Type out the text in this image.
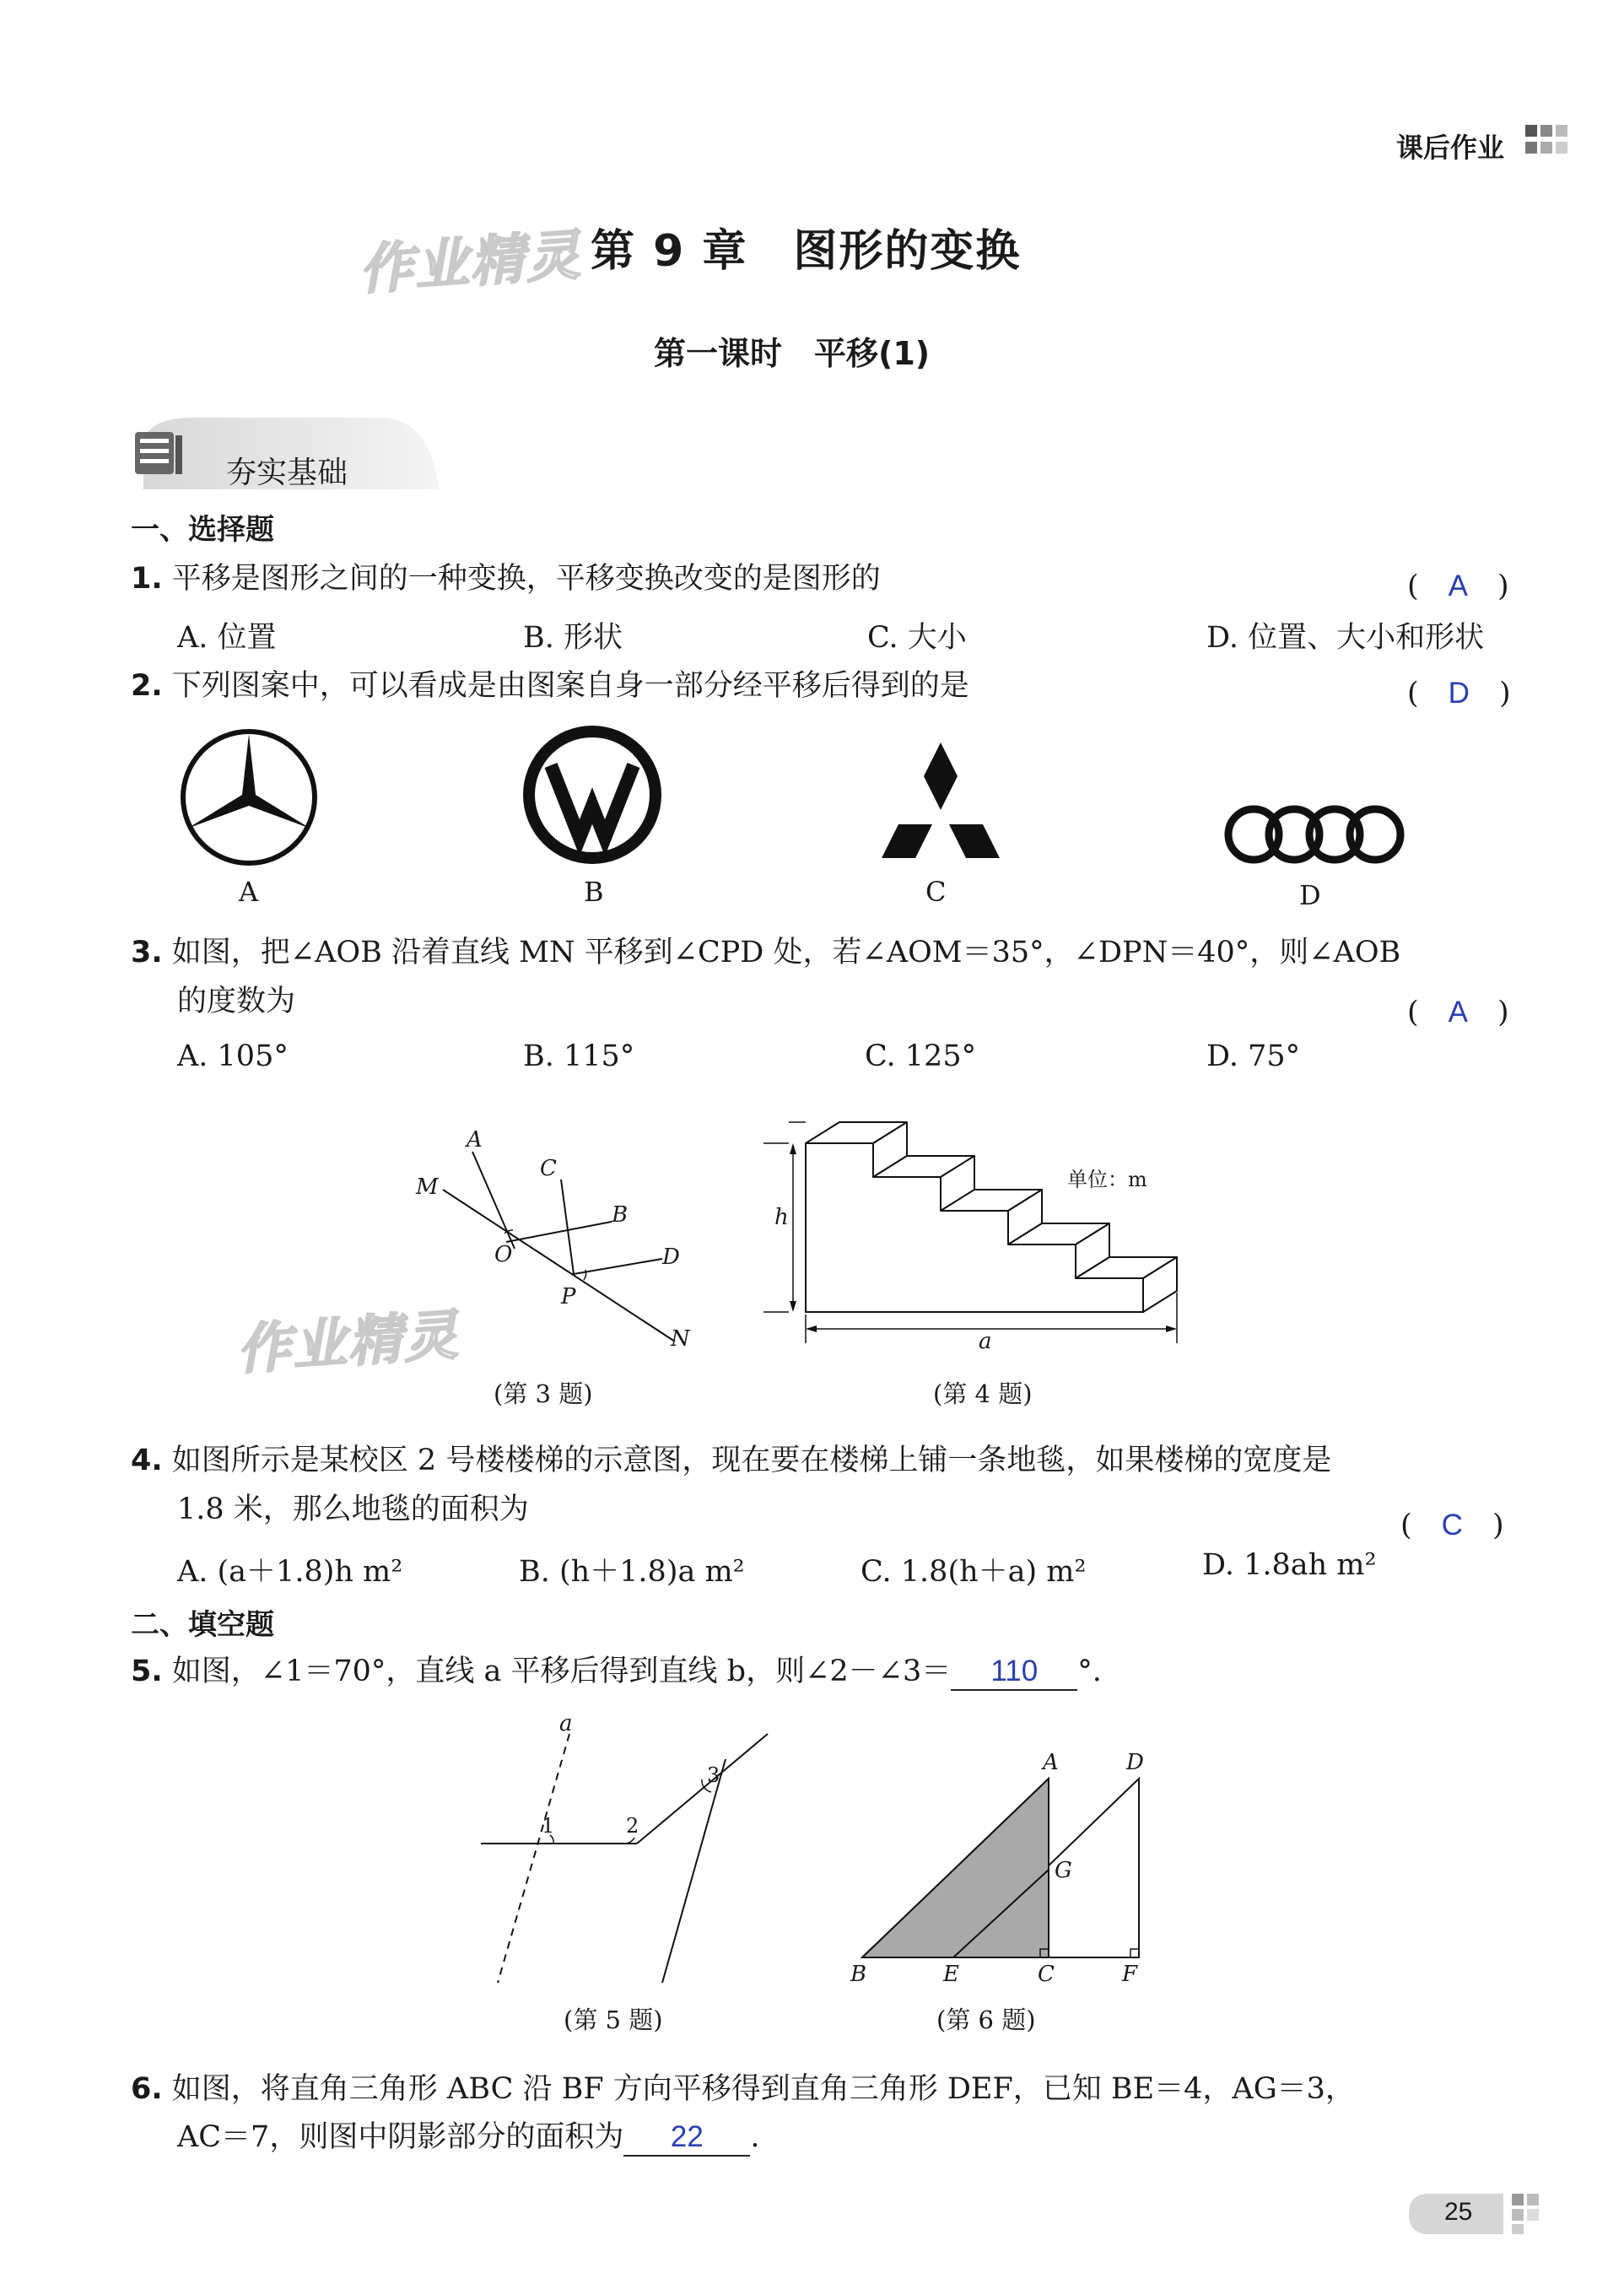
课后作业
作业精灵
作业精灵
第 9 章　图形的变换
第一课时　平移(1)
夯实基础
一、选择题
1. 平移是图形之间的一种变换，平移变换改变的是图形的	(　A　)
A. 位置	B. 形状	C. 大小	D. 位置、大小和形状
2. 下列图案中，可以看成是由图案自身一部分经平移后得到的是	(　D　)
A	B	C	D
3. 如图，把∠AOB 沿着直线 MN 平移到∠CPD 处，若∠AOM＝35°，∠DPN＝40°，则∠AOB
的度数为	(　A　)
A. 105°	B. 115°	C. 125°	D. 75°
A
C
M
B
O	D
P
N
(第 3 题)
单位：m
h
a
(第 4 题)
4. 如图所示是某校区 2 号楼楼梯的示意图，现在要在楼梯上铺一条地毯，如果楼梯的宽度是
1.8 米，那么地毯的面积为	(　C　)
A. (a＋1.8)h m²	B. (h＋1.8)a m²	C. 1.8(h＋a) m²	D. 1.8ah m²
二、填空题
5. 如图，∠1＝70°，直线 a 平移后得到直线 b，则∠2－∠3＝ 110 °.
a
1	2
3
(第 5 题)
A	D
G
B	E	C	F
(第 6 题)
6. 如图，将直角三角形 ABC 沿 BF 方向平移得到直角三角形 DEF，已知 BE＝4，AG＝3，
AC＝7，则图中阴影部分的面积为 22 .
25
